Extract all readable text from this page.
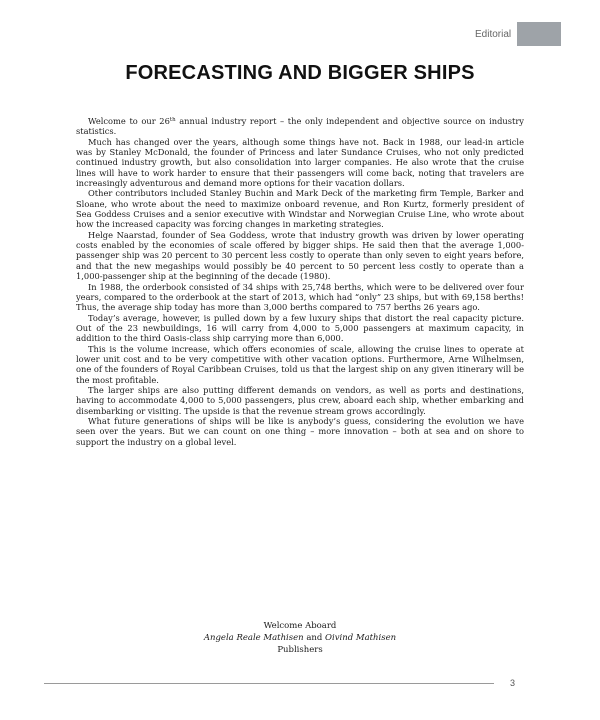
Editorial
FORECASTING AND BIGGER SHIPS

Welcome to our 26th annual industry report – the only independent and objective source on industry statistics.

Much has changed over the years, although some things have not. Back in 1988, our lead-in article was by Stanley McDonald, the founder of Princess and later Sundance Cruises, who not only predicted continued industry growth, but also consolidation into larger companies. He also wrote that the cruise lines will have to work harder to ensure that their passengers will come back, noting that travelers are increasingly adventurous and demand more options for their vacation dollars.

Other contributors included Stanley Buchin and Mark Deck of the marketing firm Temple, Barker and Sloane, who wrote about the need to maximize onboard revenue, and Ron Kurtz, formerly president of Sea Goddess Cruises and a senior executive with Windstar and Norwegian Cruise Line, who wrote about how the increased capacity was forcing changes in marketing strategies.

Helge Naarstad, founder of Sea Goddess, wrote that industry growth was driven by lower operating costs enabled by the economies of scale offered by bigger ships. He said then that the average 1,000-passenger ship was 20 percent to 30 percent less costly to operate than only seven to eight years before, and that the new megaships would possibly be 40 percent to 50 percent less costly to operate than a 1,000-passenger ship at the beginning of the decade (1980).

In 1988, the orderbook consisted of 34 ships with 25,748 berths, which were to be delivered over four years, compared to the orderbook at the start of 2013, which had “only” 23 ships, but with 69,158 berths! Thus, the average ship today has more than 3,000 berths compared to 757 berths 26 years ago.

Today’s average, however, is pulled down by a few luxury ships that distort the real capacity picture. Out of the 23 newbuildings, 16 will carry from 4,000 to 5,000 passengers at maximum capacity, in addition to the third Oasis-class ship carrying more than 6,000.

This is the volume increase, which offers economies of scale, allowing the cruise lines to operate at lower unit cost and to be very competitive with other vacation options. Furthermore, Arne Wilhelmsen, one of the founders of Royal Caribbean Cruises, told us that the largest ship on any given itinerary will be the most profitable.

The larger ships are also putting different demands on vendors, as well as ports and destinations, having to accommodate 4,000 to 5,000 passengers, plus crew, aboard each ship, whether embarking and disembarking or visiting. The upside is that the revenue stream grows accordingly.

What future generations of ships will be like is anybody’s guess, considering the evolution we have seen over the years. But we can count on one thing – more innovation – both at sea and on shore to support the industry on a global level.

Welcome Aboard
Angela Reale Mathisen and Oivind Mathisen
Publishers
3
